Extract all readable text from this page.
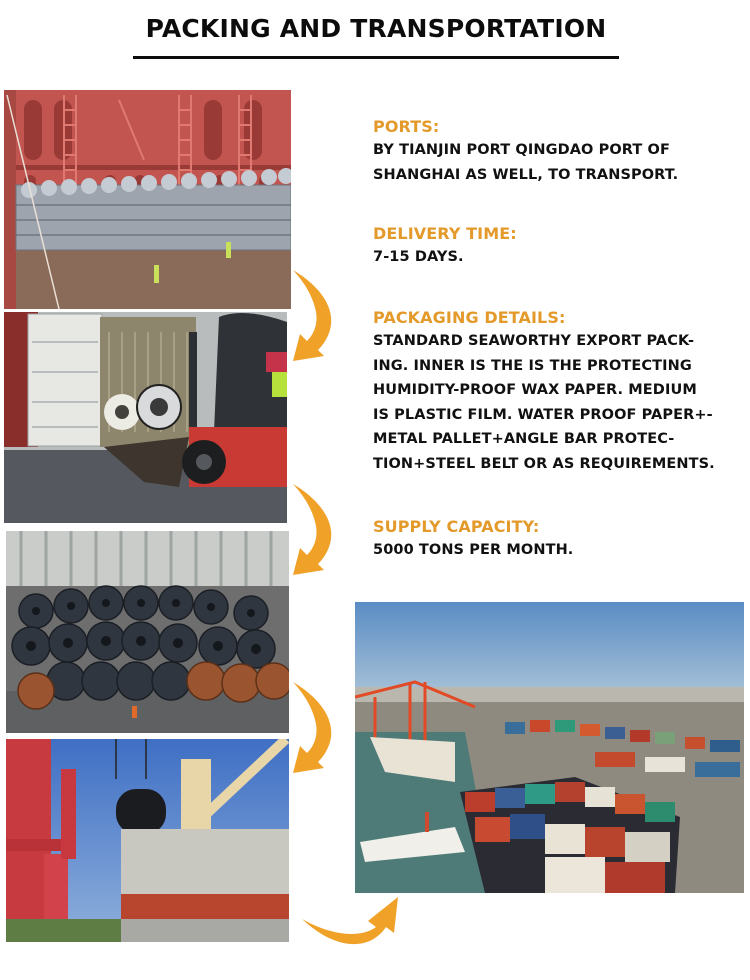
PACKING AND TRANSPORTATION
PORTS:
BY TIANJIN PORT QINGDAO PORT OF
SHANGHAI AS WELL, TO TRANSPORT.
DELIVERY TIME:
7-15 DAYS.
PACKAGING DETAILS:
STANDARD SEAWORTHY EXPORT PACK-
ING. INNER IS THE IS THE PROTECTING
HUMIDITY-PROOF WAX PAPER. MEDIUM
IS PLASTIC FILM. WATER PROOF PAPER+-
METAL PALLET+ANGLE BAR PROTEC-
TION+STEEL BELT OR AS REQUIREMENTS.
SUPPLY CAPACITY:
5000 TONS PER MONTH.
